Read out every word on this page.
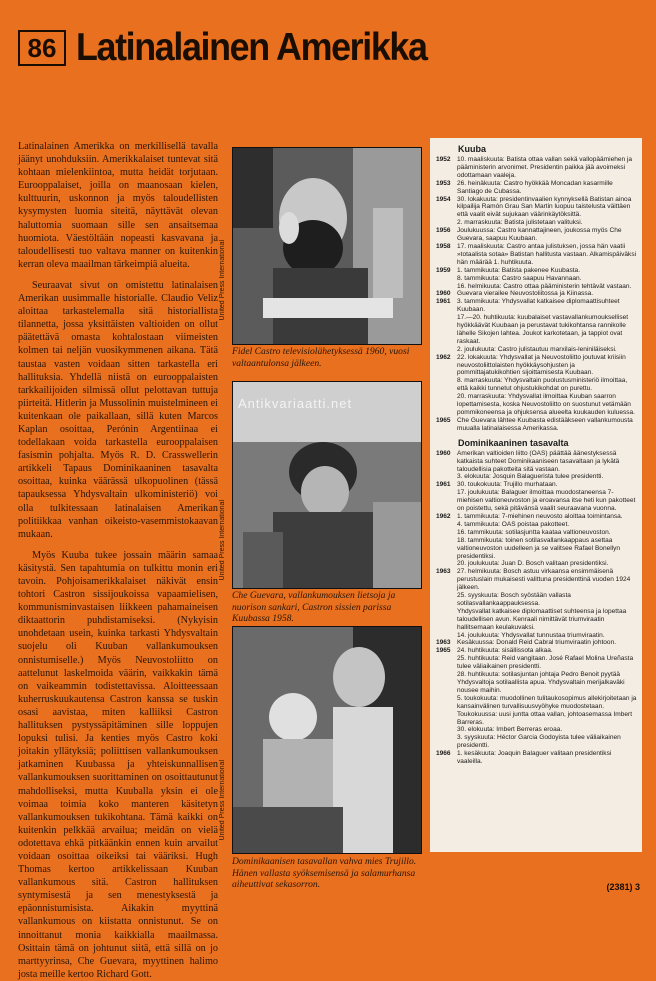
86 Latinalainen Amerikka

Latinalainen Amerikka on merkillisellä tavalla jäänyt unohduksiin. Amerikkalaiset tuntevat sitä kohtaan mielenkiintoa, mutta heidät torjutaan. Eurooppalaiset, joilla on maanosaan kielen, kulttuurin, uskonnon ja myös taloudellisten kysymysten luomia siteitä, näyttävät olevan haluttomia suomaan sille sen ansaitsemaa huomiota. Väestöltään nopeasti kasvavana ja taloudellisesti tuo valtava manner on kuitenkin kerran oleva maailman tärkeimpiä alueita.

Seuraavat sivut on omistettu latinalaisen Amerikan uusimmalle historialle. Claudio Veliz aloittaa tarkastelemalla sitä historiallista tilannetta, jossa yksittäisten valtioiden on ollut päätettävä omasta kohtalostaan viimeisten kolmen tai neljän vuosikymmenen aikana. Tätä taustaa vasten voidaan sitten tarkastella eri hallituksia. Yhdellä niistä on eurooppalaisten tarkkailijoiden silmissä ollut pelottavan tuttuja piirteitä. Hitlerin ja Mussolinin muistelmineen ei kuitenkaan ole paikallaan, sillä kuten Marcos Kaplan osoittaa, Perónin Argentiinaa ei todellakaan voida tarkastella eurooppalaisen fasismin pohjalta. Myös R. D. Crasswellerin artikkeli Tapaus Dominikaaninen tasavalta osoittaa, kuinka väärässä ulkopuolinen (tässä tapauksessa Yhdysvaltain ulkoministeriö) voi olla tulkitessaan latinalaisen Amerikan politiikkaa vanhan oikeisto-vasemmistokaavan mukaan.

Myös Kuuba tukee jossain määrin samaa käsitystä. Sen tapahtumia on tulkittu monin eri tavoin. Pohjoisamerikkalaiset näkivät ensin tohtori Castron sissijoukoissa vapaamielisen, kommunisminvastaisen liikkeen pahamaineisen diktaattorin puhdistamiseksi. (Nykyisin unohdetaan usein, kuinka tarkasti Yhdysvaltain suojelu oli Kuuban vallankumouksen onnistumiselle.) Myös Neuvostoliitto on aattelunut laskelmoida väärin, vaikkakin tämä on vaikeammin todistettavissa. Aloitteessaan kuherruskuukautensa Castron kanssa se tuskin osasi aavistaa, miten kalliiksi Castron hallituksen pystyssäpitäminen sille loppujen lopuksi tulisi. Ja kenties myös Castro koki joitakin yllätyksiä; poliittisen vallankumouksen jatkaminen Kuubassa ja yhteiskunnallisen vallankumouksen suorittaminen on osoittautunut mahdolliseksi, mutta Kuuballa yksin ei ole voimaa toimia koko manteren käsitetyn vallankumouksen tukikohtana. Tämä kaikki on kuitenkin pelkkää arvailua; meidän on vielä odotettava ehkä pitkäänkin ennen kuin arvailut voidaan osoittaa oikeiksi tai vääriksi. Hugh Thomas kertoo artikkelissaan Kuuban vallankumous sitä. Castron hallituksen syntymisestä ja sen menestyksestä ja epäonnistumisista. Aikakin myyttinä vallankumous on kiistatta onnistunut. Se on innoittanut monia kaikkialla maailmassa. Osittain tämä on johtunut siitä, että sillä on jo marttyyrinsa, Che Guevara, myyttinen halimo josta meille kertoo Richard Gott.

United Press International
Fidel Castro televisiolähetyksessä 1960, vuosi valtaantulonsa jälkeen.
Antikvariaatti.net
United Press International
Che Guevara, vallankumouksen lietsoja ja nuorison sankari, Castron sissien parissa Kuubassa 1958.
United Press International
Dominikaanisen tasavallan vahva mies Trujillo. Hänen vallasta syöksemisensä ja salamurhansa aiheuttivat sekasorron.
Kuuba
1952 10. maaliskuuta: Batista ottaa vallan sekä vallopäämiehen ja pääministerin arvonimet. Presidentin paikka jää avoimeksi odottamaan vaaleja.
1953 26. heinäkuuta: Castro hyökkää Moncadan kasarmille Santiago de Cubassa.
1954 30. lokakuuta: presidentinvaalien kynnyksellä Batistan ainoa kilpailija Ramón Grau San Martin luopuu taistelusta väittäen että vaalit eivät sujukaan väärinkäytöksittä.
2. marraskuuta: Batista julistetaan valituksi.
1956 Joulukuussa: Castro kannattajineen, joukossa myös Che Guevara, saapuu Kuubaan.
1958 17. maaliskuuta: Castro antaa julistuksen, jossa hän vaatii »totaalista sotaa» Batistan hallitusta vastaan. Alkamispäiväksi hän määrää 1. huhtikuuta.
1959 1. tammikuuta: Batista pakenee Kuubasta.
8. tammikuuta: Castro saapuu Havannaan.
16. helmikuuta: Castro ottaa pääministerin tehtävät vastaan.
1960 Guevara vierailee Neuvostoliitossa ja Kiinassa.
1961 3. tammikuuta: Yhdysvallat katkaisee diplomaattisuhteet Kuubaan.
17.—20. huhtikuuta: kuubalaiset vastavallankumoukselliset hyökkäävät Kuubaan ja perustavat tukikohtansa rannikolle lähelle Sikojen lahtea. Joukot karkotetaan, ja tappiot ovat raskaat.
2. joulukuuta: Castro julistautuu marxilais-leniniläiseksi.
1962 22. lokakuuta: Yhdysvallat ja Neuvostoliitto joutuvat kriisiin neuvostoliittolaisten hyökkäysohjusten ja pommittajatukikohtien sijoittamisesta Kuubaan.
8. marraskuuta: Yhdysvaltain puolustusministeriö ilmoittaa, että kaikki tunnetut ohjustukikohdat on purettu.
20. marraskuuta: Yhdysvallat ilmoittaa Kuuban saarron lopettamisesta, koska Neuvostoliitto on suostunut vetämään pommikoneensa ja ohjuksensa alueelta kuukauden kuluessa.
1965 Che Guevara lähtee Kuubasta edistääkseen vallankumousta muualla latinalaisessa Amerikassa.
Dominikaaninen tasavalta
1960 Amerikan valtioiden liitto (OAS) päättää äänestyksessä katkaista suhteet Dominikaaniseen tasavaltaan ja lykätä taloudellisia pakotteita sitä vastaan.
3. elokuuta: Josquin Balaguerista tulee presidentti.
1961 30. toukokuuta: Trujillo murhataan.
17. joulukuuta: Balaguer ilmoittaa muodostaneensa 7-miehisen valtioneuvoston ja eroavansa itse heti kun pakotteet on poistettu, sekä pitävänsä vaalit seuraavana vuonna.
1962 1. tammikuuta: 7-miehinen neuvosto aloittaa toimintansa.
4. tammikuuta: OAS poistaa pakotteet.
16. tammikuuta: sotilasjuntta kaataa valtioneuvoston.
18. tammikuuta: toinen sotilasvallankaappaus asettaa valtioneuvoston uudelleen ja se valitsee Rafael Bonellyn presidentiksi.
20. joulukuuta: Juan D. Bosch valitaan presidentiksi.
1963 27. helmikuuta: Bosch astuu virkaansa ensimmäisenä perustuslain mukaisesti valittuna presidenttinä vuoden 1924 jälkeen.
25. syyskuuta: Bosch syöstään vallasta sotilasvallankaappauksessa.
Yhdysvallat katkaisee diplomaattiset suhteensa ja lopettaa taloudellisen avun. Kenraali nimittävät triumviraatin hallitsemaan keulakuvaksi.
14. joulukuuta: Yhdysvallat tunnustaa triumviraatin.
1963 Kesäkuussa: Donald Reid Cabral triumviraatin johtoon.
1965 24. huhtikuuta: sisällissota alkaa.
25. huhtikuuta: Reid vangitaan. José Rafael Molina Ureñasta tulee väliaikainen presidentti.
28. huhtikuuta: sotilasjuntan johtaja Pedro Benoit pyytää Yhdysvaltoja sotilaallista apua. Yhdysvaltain merijalkaväki nousee maihin.
5. toukokuuta: muodollinen tulitaukosopimus allekirjoitetaan ja kansainvälinen turvallisuusvyöhyke muodostetaan.
Toukokuussa: uusi juntta ottaa vallan, johtoasemassa Imbert Barreras.
30. elokuuta: Imbert Berreras eroaa.
3. syyskuuta: Héctor Garcia Godoyista tulee väliaikainen presidentti.
1966 1. kesäkuuta: Joaquin Balaguer valitaan presidentiksi vaaleilla.
(2381) 3
